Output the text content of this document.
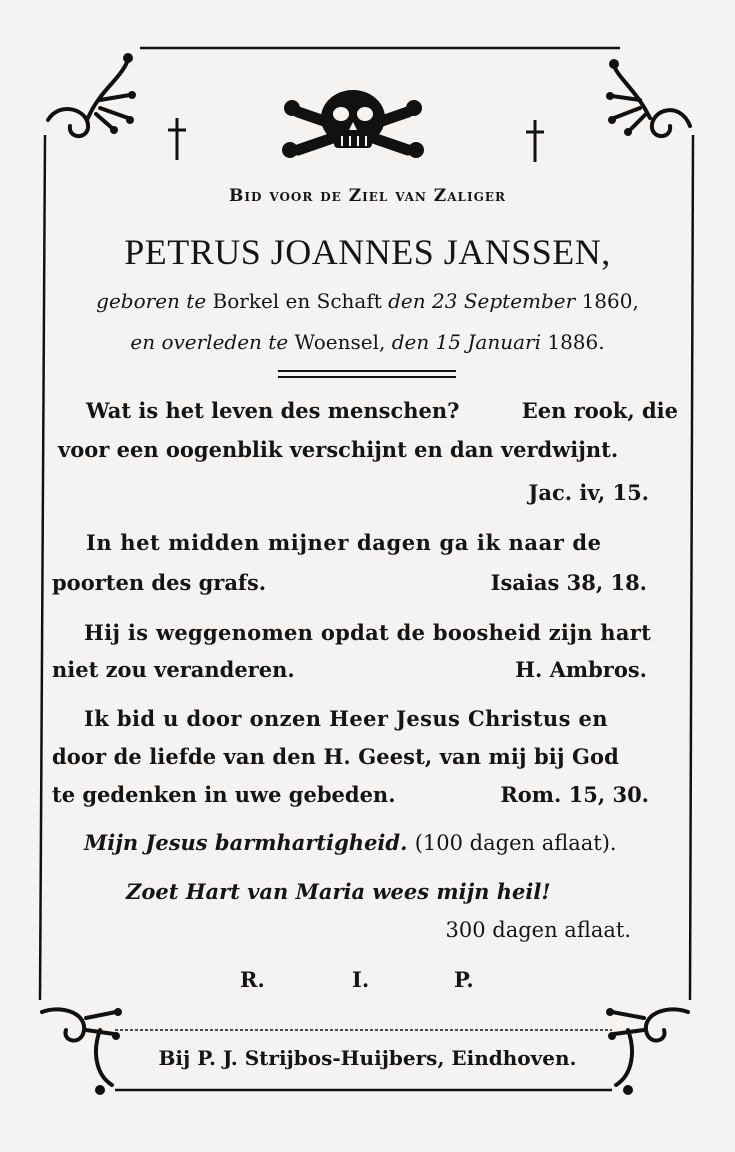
Bid voor de Ziel van Zaliger
PETRUS JOANNES JANSSEN,
geboren te Borkel en Schaft den 23 September 1860,
en overleden te Woensel, den 15 Januari 1886.
Wat is het leven des menschen?	Een rook, die
voor een oogenblik verschijnt en dan verdwijnt.
Jac. iv, 15.
In het midden mijner dagen ga ik naar de
poorten des grafs.	Isaias 38, 18.
Hij is weggenomen opdat de boosheid zijn hart
niet zou veranderen.	H. Ambros.
Ik bid u door onzen Heer Jesus Christus en
door de liefde van den H. Geest, van mij bij God
te gedenken in uwe gebeden.	Rom. 15, 30.
Mijn Jesus barmhartigheid. (100 dagen aflaat).
Zoet Hart van Maria wees mijn heil!
300 dagen aflaat.
R.	I.	P.
Bij P. J. Strijbos-Huijbers, Eindhoven.
